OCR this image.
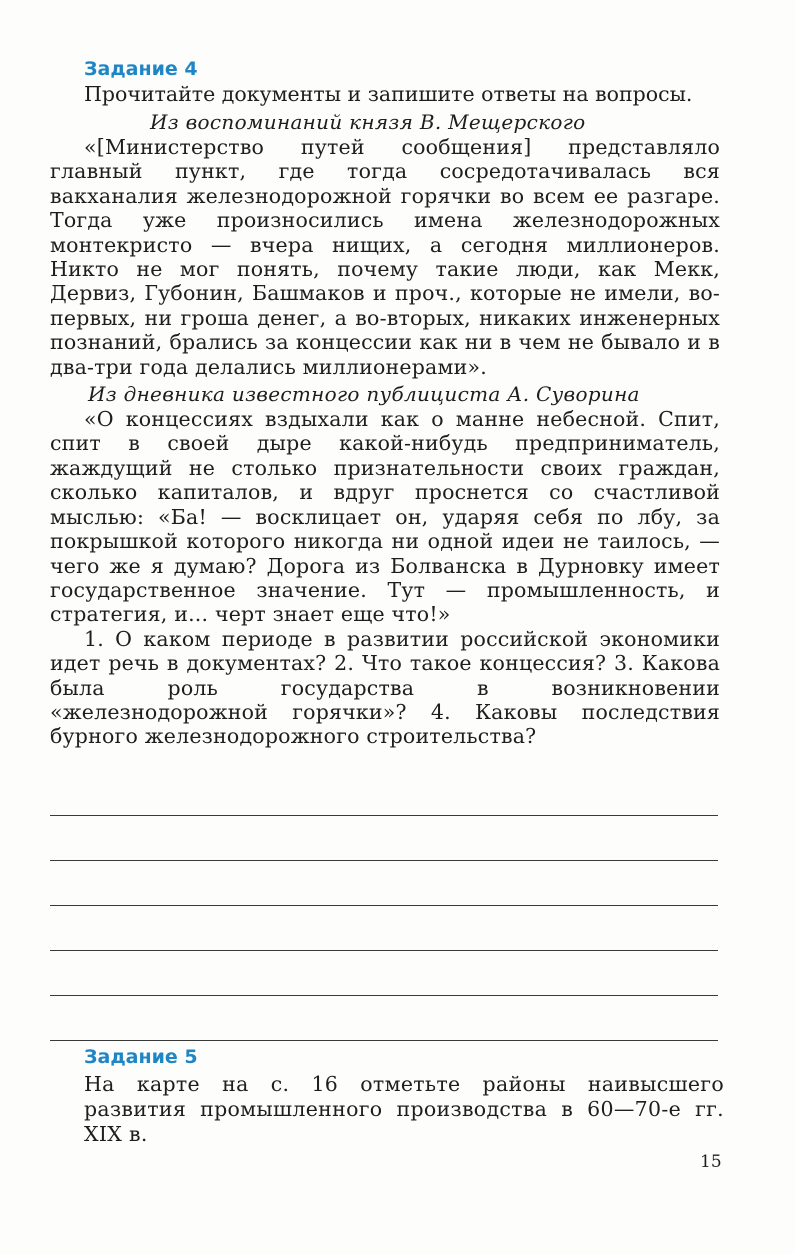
Задание 4

Прочитайте документы и запишите ответы на вопросы.

Из воспоминаний князя В. Мещерского

«[Министерство путей сообщения] представляло главный пункт, где тогда сосредотачивалась вся вакханалия железнодорожной горячки во всем ее разгаре. Тогда уже произносились имена железнодорожных монтекристо — вчера нищих, а сегодня миллионеров. Никто не мог понять, почему такие люди, как Мекк, Дервиз, Губонин, Башмаков и проч., которые не имели, во-первых, ни гроша денег, а во-вторых, никаких инженерных познаний, брались за концессии как ни в чем не бывало и в два-три года делались миллионерами».

Из дневника известного публициста А. Суворина

«О концессиях вздыхали как о манне небесной. Спит, спит в своей дыре какой-нибудь предприниматель, жаждущий не столько признательности своих граждан, сколько капиталов, и вдруг проснется со счастливой мыслью: «Ба! — восклицает он, ударяя себя по лбу, за покрышкой которого никогда ни одной идеи не таилось, — чего же я думаю? Дорога из Болванска в Дурновку имеет государственное значение. Тут — промышленность, и стратегия, и... черт знает еще что!»

1. О каком периоде в развитии российской экономики идет речь в документах? 2. Что такое концессия? 3. Какова была роль государства в возникновении «железнодорожной горячки»? 4. Каковы последствия бурного железнодорожного строительства?

Задание 5

На карте на с. 16 отметьте районы наивысшего развития промышленного производства в 60—70-е гг. XIX в.

15
